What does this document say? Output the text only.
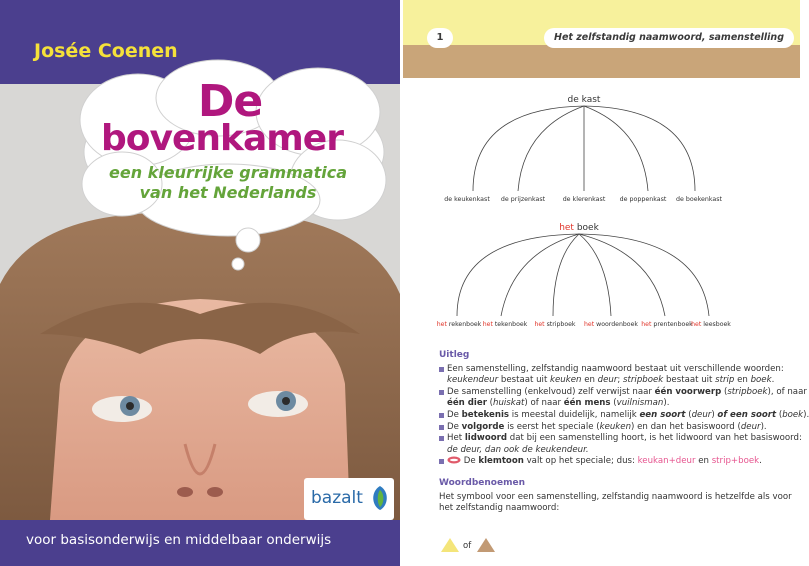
Josée Coenen
De
bovenkamer
een kleurrijke grammatica
van het Nederlands
bazalt
voor basisonderwijs en middelbaar onderwijs
1	Het zelfstandig naamwoord, samenstelling
de kast
de keukenkast de prijzenkast	de klerenkast de poppenkast de boekenkast
het boek
het rekenboek het tekenboek het stripboek het woordenboek het prentenboek
het leesboek
Uitleg
Een samenstelling, zelfstandig naamwoord bestaat uit verschillende woorden:
keukendeur bestaat uit keuken en deur; stripboek bestaat uit strip en boek.
De samenstelling (enkelvoud) zelf verwijst naar één voorwerp (stripboek), of naar
één dier (huiskat) of naar één mens (vuilnisman).
De betekenis is meestal duidelijk, namelijk een soort (deur) of een soort (boek).
De volgorde is eerst het speciale (keuken) en dan het basiswoord (deur).
Het lidwoord dat bij een samenstelling hoort, is het lidwoord van het basiswoord:
de deur, dan ook de keukendeur.
De klemtoon valt op het speciale; dus: keukan+deur en strip+boek.
Woordbenoemen
Het symbool voor een samenstelling, zelfstandig naamwoord is hetzelfde als voor
het zelfstandig naamwoord:
of
